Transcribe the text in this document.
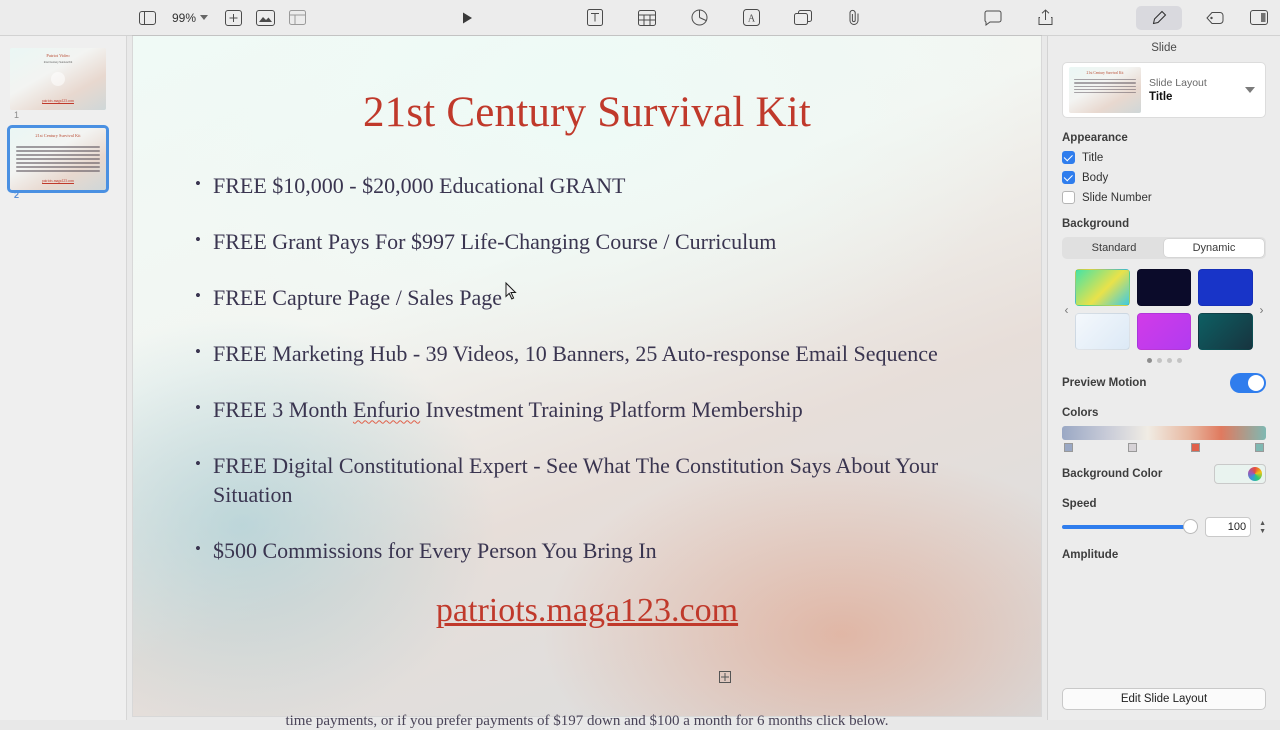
99%	A
Patriot Video
21st Century Survival Kit
patriots.maga123.com
1
21st Century Survival Kit
patriots.maga123.com
2
21st Century Survival Kit
• FREE $10,000 - $20,000 Educational GRANT
• FREE Grant Pays For $997 Life-Changing Course / Curriculum
• FREE Capture Page / Sales Page
• FREE Marketing Hub - 39 Videos, 10 Banners, 25 Auto-response Email Sequence
• FREE 3 Month Enfurio Investment Training Platform Membership
• FREE Digital Constitutional Expert - See What The Constitution Says About Your Situation
• $500 Commissions for Every Person You Bring In
patriots.maga123.com
time payments, or if you prefer payments of $197 down and $100 a month for 6 months click below.
Slide
21st Century Survival Kit
Slide Layout
Title
Appearance
Title
Body
Slide Number
Background
Standard	Dynamic
‹	›
Preview Motion
Colors
Background Color
Speed
100	▲
▼
Amplitude
Edit Slide Layout
